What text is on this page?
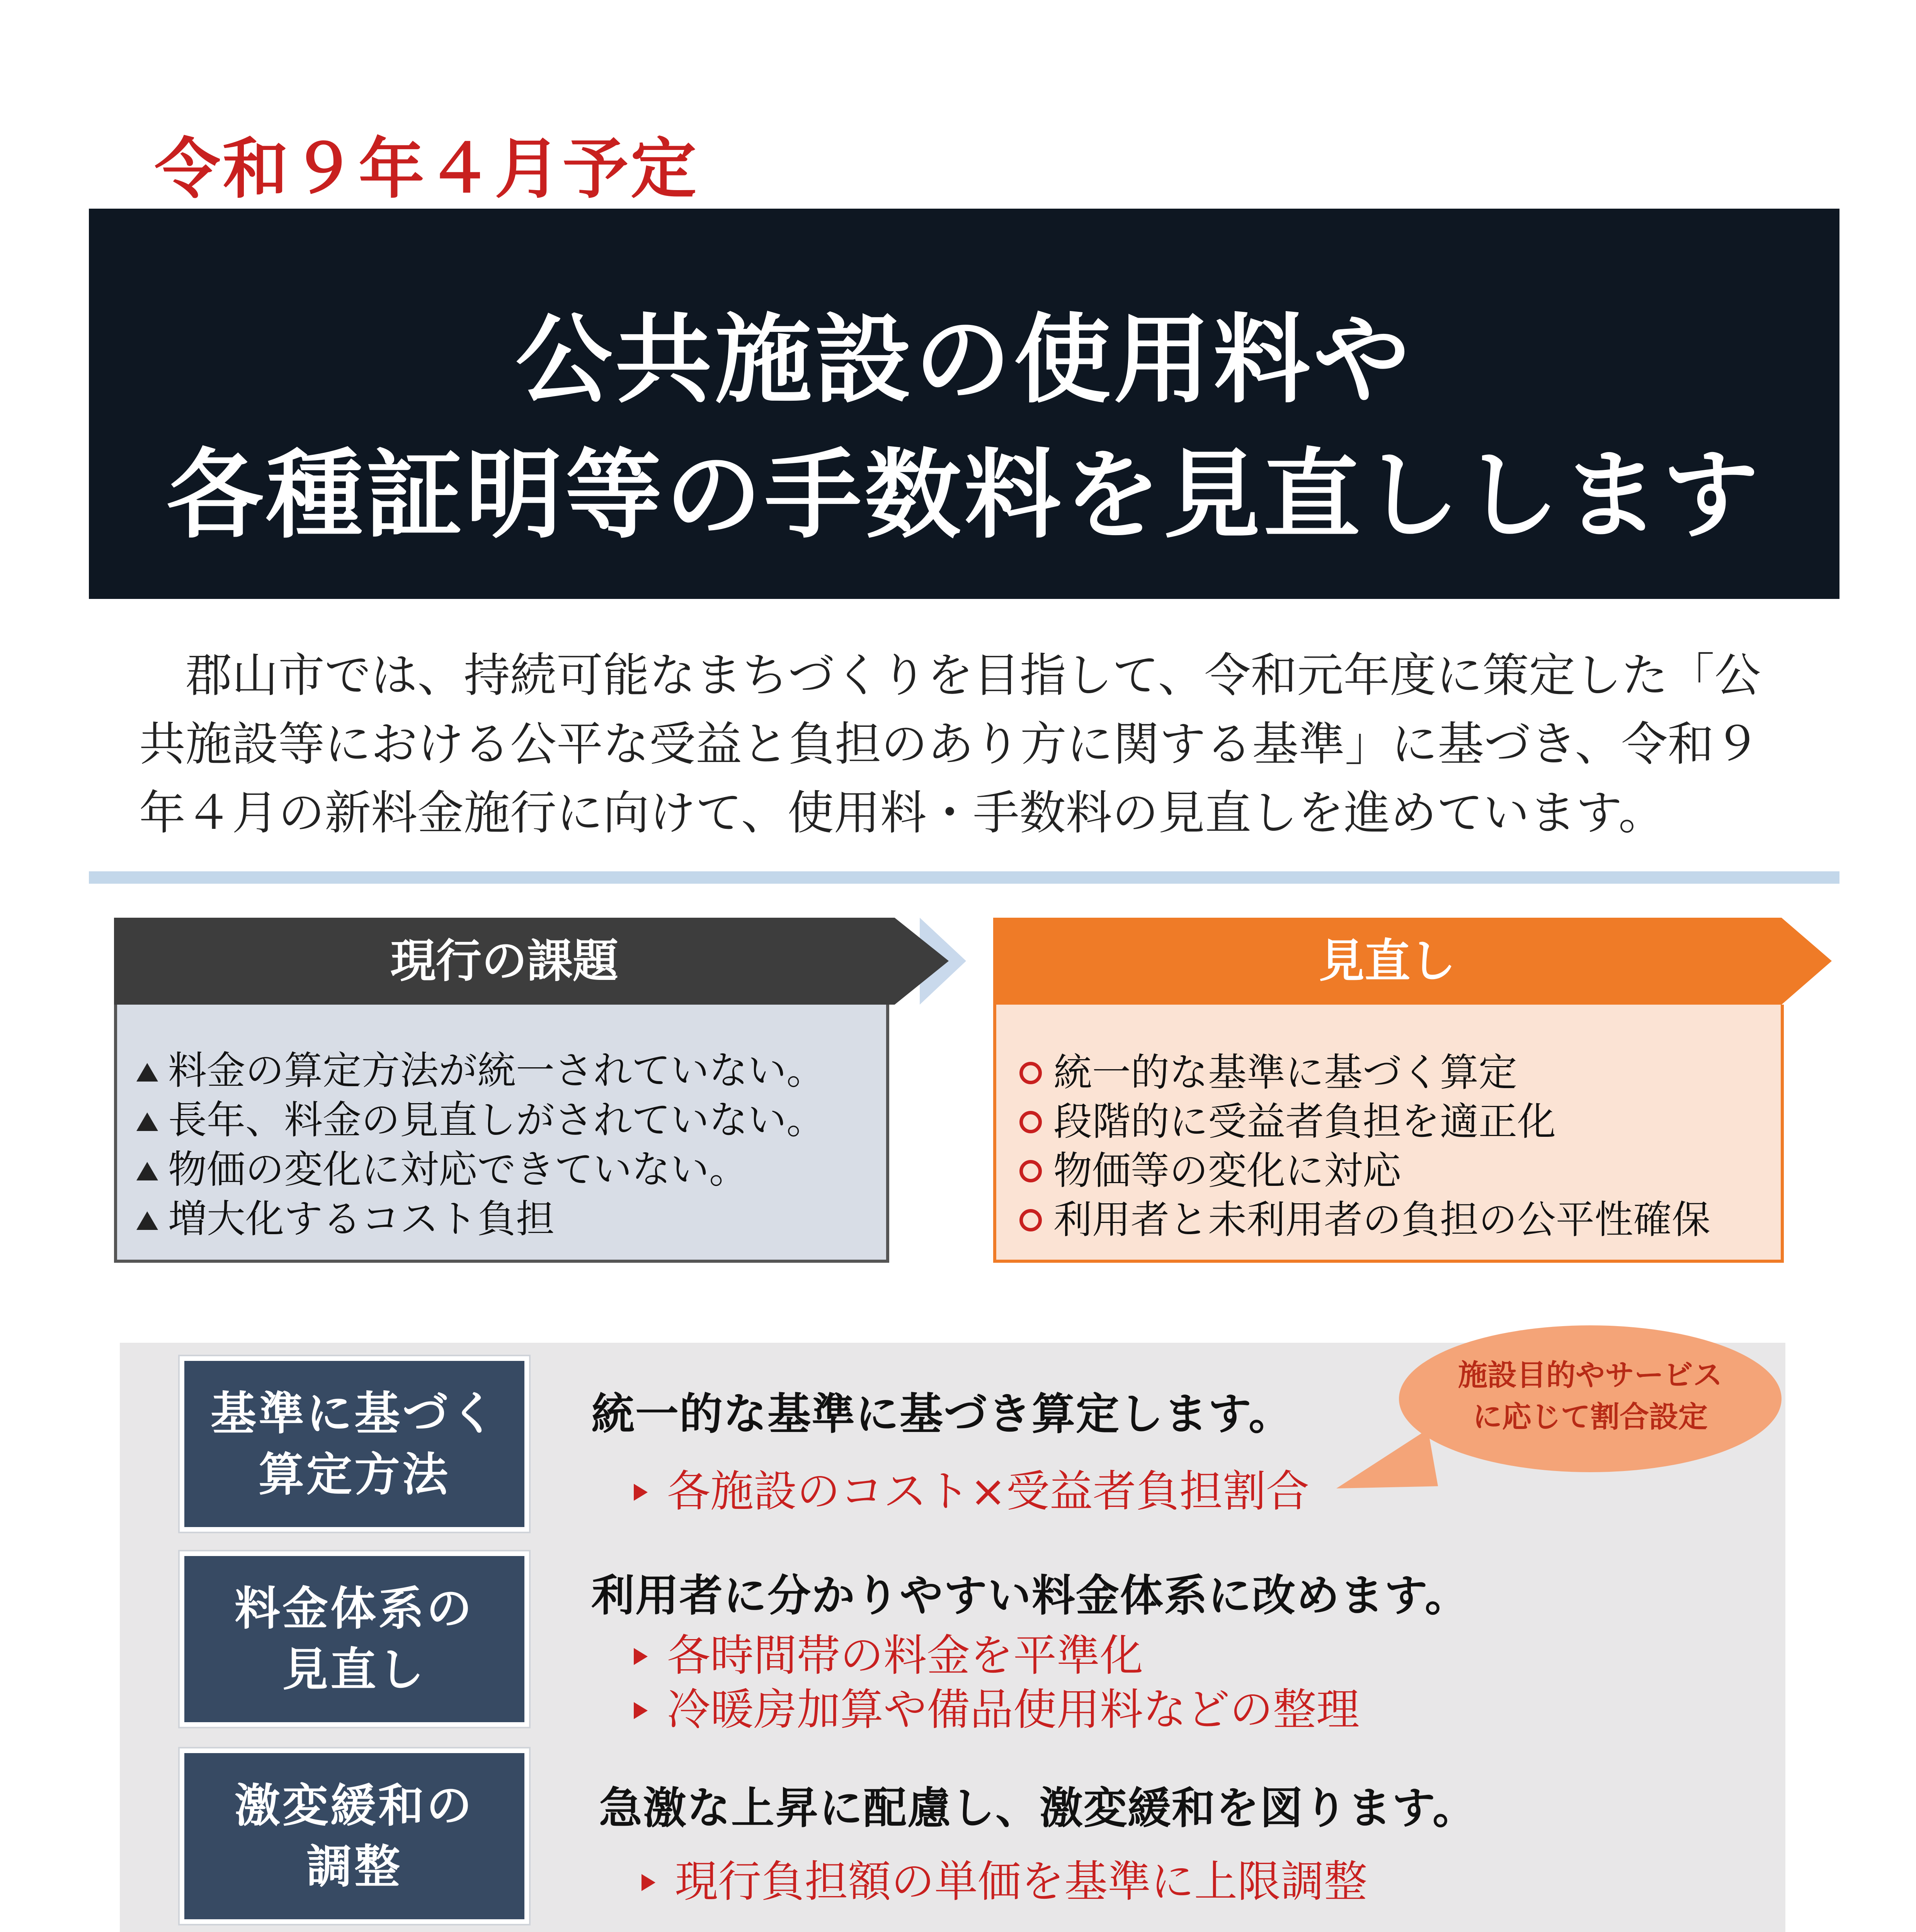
令和９年４月予定
公共施設の使用料や
各種証明等の手数料を見直しします
郡山市では、持続可能なまちづくりを目指して、令和元年度に策定した「公共施設等における公平な受益と負担のあり方に関する基準」に基づき、令和９年４月の新料金施行に向けて、使用料・手数料の見直しを進めています。
現行の課題
料金の算定方法が統一されていない。
長年、料金の見直しがされていない。
物価の変化に対応できていない。
増大化するコスト負担
見直し
統一的な基準に基づく算定
段階的に受益者負担を適正化
物価等の変化に対応
利用者と未利用者の負担の公平性確保
施設目的やサービス
に応じて割合設定
基準に基づく
算定方法
統一的な基準に基づき算定します。
各施設のコスト×受益者負担割合
料金体系の
見直し
利用者に分かりやすい料金体系に改めます。
各時間帯の料金を平準化
冷暖房加算や備品使用料などの整理
激変緩和の
調整
急激な上昇に配慮し、激変緩和を図ります。
現行負担額の単価を基準に上限調整
